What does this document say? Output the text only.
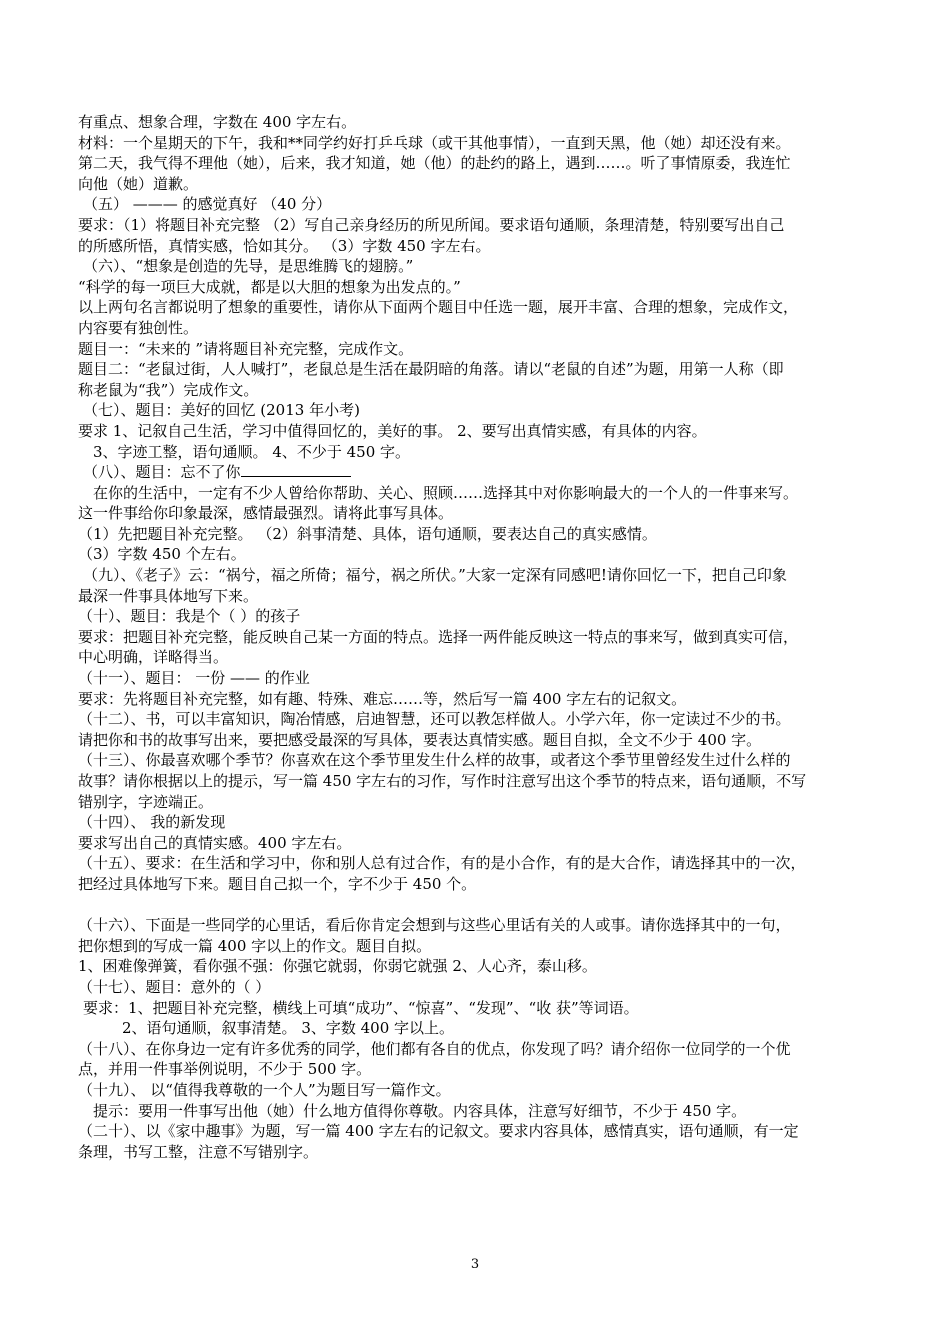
有重点、想象合理，字数在 400 字左右。
材料：一个星期天的下午，我和**同学约好打乒乓球（或干其他事情），一直到天黑，他（她）却还没有来。
第二天，我气得不理他（她），后来，我才知道，她（他）的赴约的路上，遇到……。听了事情原委，我连忙
向他（她）道歉。
（五） ——— 的感觉真好 （40 分）
要求：（1）将题目补充完整 （2）写自己亲身经历的所见所闻。要求语句通顺，条理清楚，特别要写出自己
的所感所悟，真情实感，恰如其分。 （3）字数 450 字左右。
（六）、“想象是创造的先导，是思维腾飞的翅膀。”
“科学的每一项巨大成就，都是以大胆的想象为出发点的。”
以上两句名言都说明了想象的重要性，请你从下面两个题目中任选一题，展开丰富、合理的想象，完成作文，
内容要有独创性。
题目一：“未来的 ”请将题目补充完整，完成作文。
题目二：“老鼠过街，人人喊打”，老鼠总是生活在最阴暗的角落。请以“老鼠的自述”为题，用第一人称（即
称老鼠为“我”）完成作文。
（七）、题目：美好的回忆 (2013 年小考)
要求 1、记叙自己生活，学习中值得回忆的，美好的事。 2、要写出真情实感，有具体的内容。
3、字迹工整，语句通顺。 4、不少于 450 字。
（八）、题目：忘不了你
在你的生活中，一定有不少人曾给你帮助、关心、照顾……选择其中对你影响最大的一个人的一件事来写。
这一件事给你印象最深，感情最强烈。请将此事写具体。
（1）先把题目补充完整。 （2）斜事清楚、具体，语句通顺，要表达自己的真实感情。
（3）字数 450 个左右。
（九）、《老子》云：“祸兮，福之所倚；福兮，祸之所伏。”大家一定深有同感吧!请你回忆一下，把自己印象
最深一件事具体地写下来。
（十）、题目：我是个（ ）的孩子
要求：把题目补充完整，能反映自己某一方面的特点。选择一两件能反映这一特点的事来写，做到真实可信，
中心明确，详略得当。
（十一）、题目： 一份 —— 的作业
要求：先将题目补充完整，如有趣、特殊、难忘……等，然后写一篇 400 字左右的记叙文。
（十二）、书，可以丰富知识，陶冶情感，启迪智慧，还可以教怎样做人。小学六年，你一定读过不少的书。
请把你和书的故事写出来，要把感受最深的写具体，要表达真情实感。题目自拟，全文不少于 400 字。
（十三）、你最喜欢哪个季节？你喜欢在这个季节里发生什么样的故事，或者这个季节里曾经发生过什么样的
故事？请你根据以上的提示，写一篇 450 字左右的习作，写作时注意写出这个季节的特点来，语句通顺，不写
错别字，字迹端正。
（十四）、 我的新发现
要求写出自己的真情实感。400 字左右。
（十五）、要求：在生活和学习中，你和别人总有过合作，有的是小合作，有的是大合作，请选择其中的一次，
把经过具体地写下来。题目自己拟一个，字不少于 450 个。
（十六）、下面是一些同学的心里话，看后你肯定会想到与这些心里话有关的人或事。请你选择其中的一句，
把你想到的写成一篇 400 字以上的作文。题目自拟。
1、困难像弹簧，看你强不强：你强它就弱，你弱它就强 2、人心齐，泰山移。
（十七）、题目：意外的（ ）
要求：1、把题目补充完整，横线上可填“成功”、“惊喜”、“发现”、“收 获”等词语。
2、语句通顺，叙事清楚。 3、字数 400 字以上。
（十八）、在你身边一定有许多优秀的同学，他们都有各自的优点，你发现了吗？请介绍你一位同学的一个优
点，并用一件事举例说明，不少于 500 字。
（十九）、 以“值得我尊敬的一个人”为题目写一篇作文。
提示：要用一件事写出他（她）什么地方值得你尊敬。内容具体，注意写好细节，不少于 450 字。
（二十）、以《家中趣事》为题，写一篇 400 字左右的记叙文。要求内容具体，感情真实，语句通顺，有一定
条理，书写工整，注意不写错别字。
3
